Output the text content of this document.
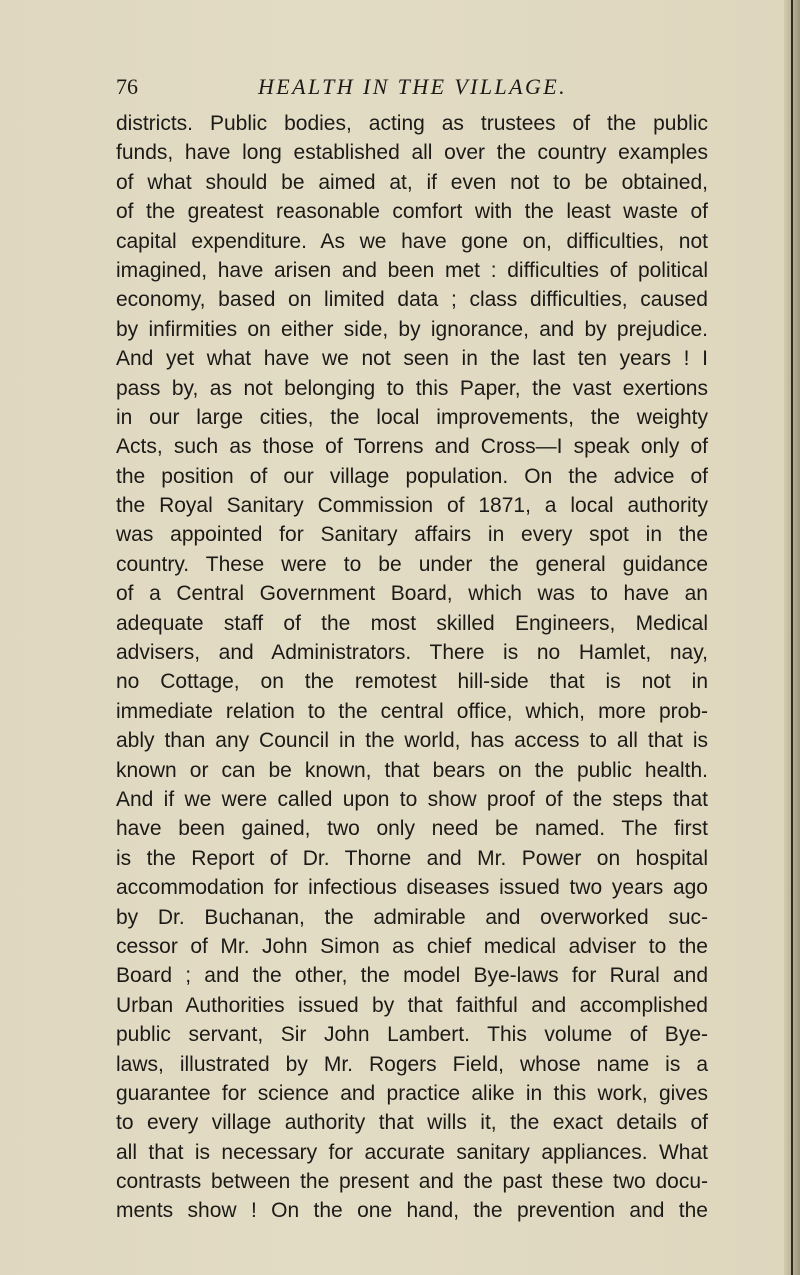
76	HEALTH IN THE VILLAGE.
districts. Public bodies, acting as trustees of the public
funds, have long established all over the country examples
of what should be aimed at, if even not to be obtained,
of the greatest reasonable comfort with the least waste of
capital expenditure. As we have gone on, difficulties, not
imagined, have arisen and been met : difficulties of political
economy, based on limited data ; class difficulties, caused
by infirmities on either side, by ignorance, and by prejudice.
And yet what have we not seen in the last ten years ! I
pass by, as not belonging to this Paper, the vast exertions
in our large cities, the local improvements, the weighty
Acts, such as those of Torrens and Cross—I speak only of
the position of our village population. On the advice of
the Royal Sanitary Commission of 1871, a local authority
was appointed for Sanitary affairs in every spot in the
country. These were to be under the general guidance
of a Central Government Board, which was to have an
adequate staff of the most skilled Engineers, Medical
advisers, and Administrators. There is no Hamlet, nay,
no Cottage, on the remotest hill-side that is not in
immediate relation to the central office, which, more prob-
ably than any Council in the world, has access to all that is
known or can be known, that bears on the public health.
And if we were called upon to show proof of the steps that
have been gained, two only need be named. The first
is the Report of Dr. Thorne and Mr. Power on hospital
accommodation for infectious diseases issued two years ago
by Dr. Buchanan, the admirable and overworked suc-
cessor of Mr. John Simon as chief medical adviser to the
Board ; and the other, the model Bye-laws for Rural and
Urban Authorities issued by that faithful and accomplished
public servant, Sir John Lambert. This volume of Bye-
laws, illustrated by Mr. Rogers Field, whose name is a
guarantee for science and practice alike in this work, gives
to every village authority that wills it, the exact details of
all that is necessary for accurate sanitary appliances. What
contrasts between the present and the past these two docu-
ments show ! On the one hand, the prevention and the
